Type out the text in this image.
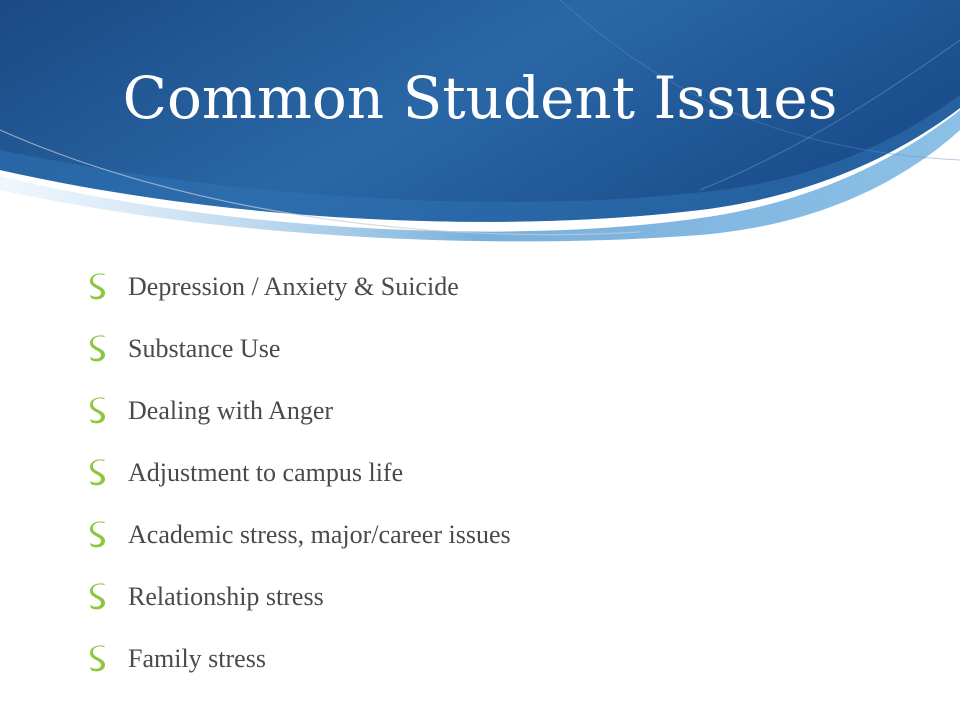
Common Student Issues
Depression / Anxiety & Suicide
Substance Use
Dealing with Anger
Adjustment to campus life
Academic stress, major/career issues
Relationship stress
Family stress
